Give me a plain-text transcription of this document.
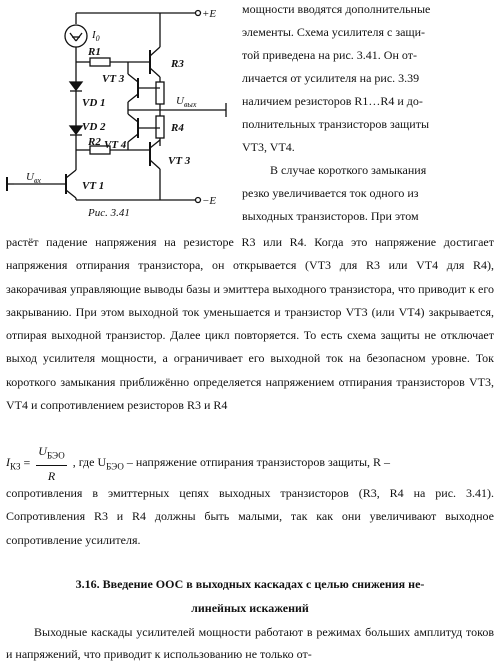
+E
−E
$I_0$
R1
VT 3
R3
VD 1	$U_{вых}$
R4
VD 2
R2 VT 4
VT 3
VT 1
$U_{вх}$
Рис. 3.41

мощности вводятся дополнительные

элементы. Схема усилителя с защи-

той приведена на рис. 3.41. Он от-

личается от усилителя на рис. 3.39

наличием резисторов R1…R4 и до-

полнительных транзисторов защиты

VT3, VT4.

В случае короткого замыкания

резко увеличивается ток одного из

выходных транзисторов. При этом

растёт падение напряжения на резисторе R3 или R4. Когда это напряжение достигает напряжения отпирания транзистора, он открывается (VT3 для R3 или VT4 для R4), закорачивая управляющие выводы базы и эмиттера выходного транзистора, что приводит к его закрыванию. При этом выходной ток уменьшается и транзистор VT3 (или VT4) закрывается, отпирая выходной транзистор. Далее цикл повторяется. То есть схема защиты не отключает выход усилителя мощности, а ограничивает его выходной ток на безопасном уровне. Ток короткого замыкания приближённо определяется напряжением отпирания транзисторов VT3, VT4 и сопротивлением резисторов R3 и R4

$I_{КЗ} = \frac{U_{БЭО}}{R}$ , где $U_{БЭО}$ – напряжение отпирания транзисторов защиты, R –
сопротивления в эмиттерных цепях выходных транзисторов (R3, R4 на рис. 3.41). Сопротивления R3 и R4 должны быть малыми, так как они увеличивают выходное сопротивление усилителя.
3.16. Введение ООС в выходных каскадах с целью снижения не-
линейных искажений
Выходные каскады усилителей мощности работают в режимах больших амплитуд токов и напряжений, что приводит к использованию не только от-
